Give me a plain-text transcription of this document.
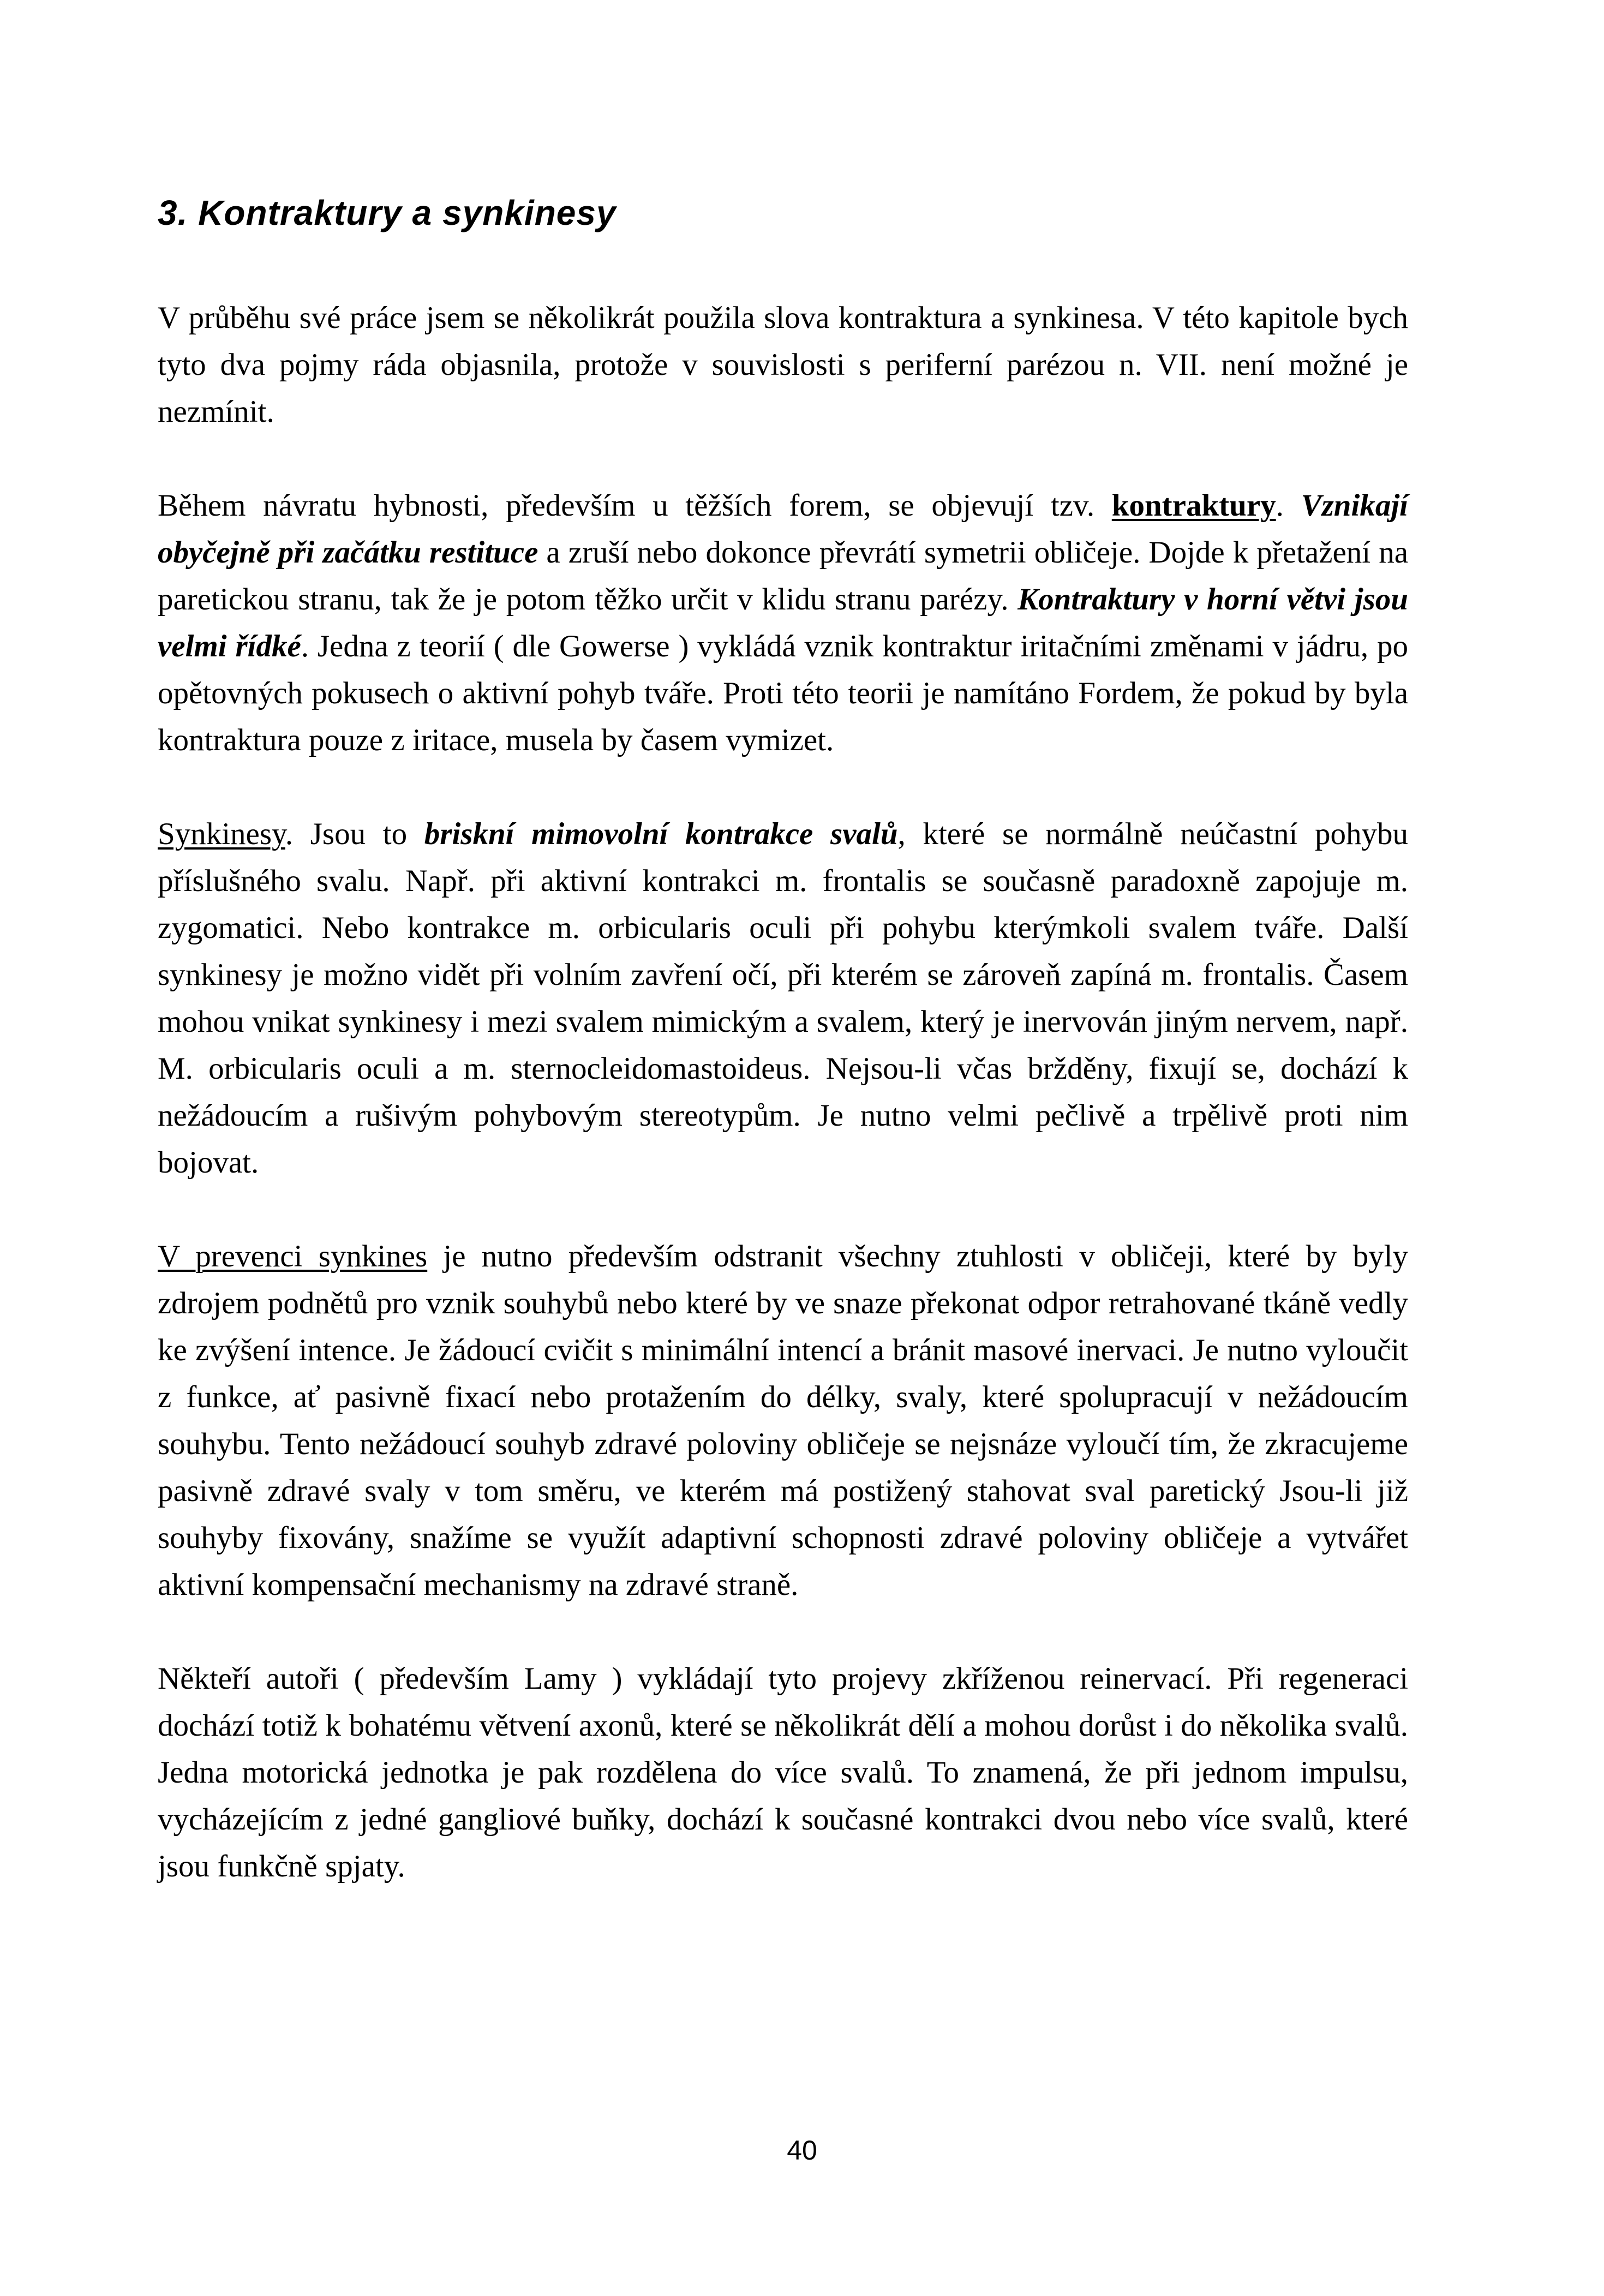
3. Kontraktury a synkinesy

V průběhu své práce jsem se několikrát použila slova kontraktura a synkinesa. V této kapitole bych tyto dva pojmy ráda objasnila, protože v souvislosti s periferní parézou n. VII. není možné je nezmínit.

Během návratu hybnosti, především u těžších forem, se objevují tzv. kontraktury. Vznikají obyčejně při začátku restituce a zruší nebo dokonce převrátí symetrii obličeje. Dojde k přetažení na paretickou stranu, tak že je potom těžko určit v klidu stranu parézy. Kontraktury v horní větvi jsou velmi řídké. Jedna z teorií ( dle Gowerse ) vykládá vznik kontraktur iritačními změnami v jádru, po opětovných pokusech o aktivní pohyb tváře. Proti této teorii je namítáno Fordem, že pokud by byla kontraktura pouze z iritace, musela by časem vymizet.

Synkinesy. Jsou to briskní mimovolní kontrakce svalů, které se normálně neúčastní pohybu příslušného svalu. Např. při aktivní kontrakci m. frontalis se současně paradoxně zapojuje m. zygomatici. Nebo kontrakce m. orbicularis oculi při pohybu kterýmkoli svalem tváře. Další synkinesy je možno vidět při volním zavření očí, při kterém se zároveň zapíná m. frontalis. Časem mohou vnikat synkinesy i mezi svalem mimickým a svalem, který je inervován jiným nervem, např. M. orbicularis oculi a m. sternocleidomastoideus. Nejsou-li včas bržděny, fixují se, dochází k nežádoucím a rušivým pohybovým stereotypům. Je nutno velmi pečlivě a trpělivě proti nim bojovat.

V prevenci synkines je nutno především odstranit všechny ztuhlosti v obličeji, které by byly zdrojem podnětů pro vznik souhybů nebo které by ve snaze překonat odpor retrahované tkáně vedly ke zvýšení intence. Je žádoucí cvičit s minimální intencí a bránit masové inervaci. Je nutno vyloučit z funkce, ať pasivně fixací nebo protažením do délky, svaly, které spolupracují v nežádoucím souhybu. Tento nežádoucí souhyb zdravé poloviny obličeje se nejsnáze vyloučí tím, že zkracujeme pasivně zdravé svaly v tom směru, ve kterém má postižený stahovat sval paretický Jsou-li již souhyby fixovány, snažíme se využít adaptivní schopnosti zdravé poloviny obličeje a vytvářet aktivní kompensační mechanismy na zdravé straně.

Někteří autoři ( především Lamy ) vykládají tyto projevy zkříženou reinervací. Při regeneraci dochází totiž k bohatému větvení axonů, které se několikrát dělí a mohou dorůst i do několika svalů. Jedna motorická jednotka je pak rozdělena do více svalů. To znamená, že při jednom impulsu, vycházejícím z jedné gangliové buňky, dochází k současné kontrakci dvou nebo více svalů, které jsou funkčně spjaty.

40
